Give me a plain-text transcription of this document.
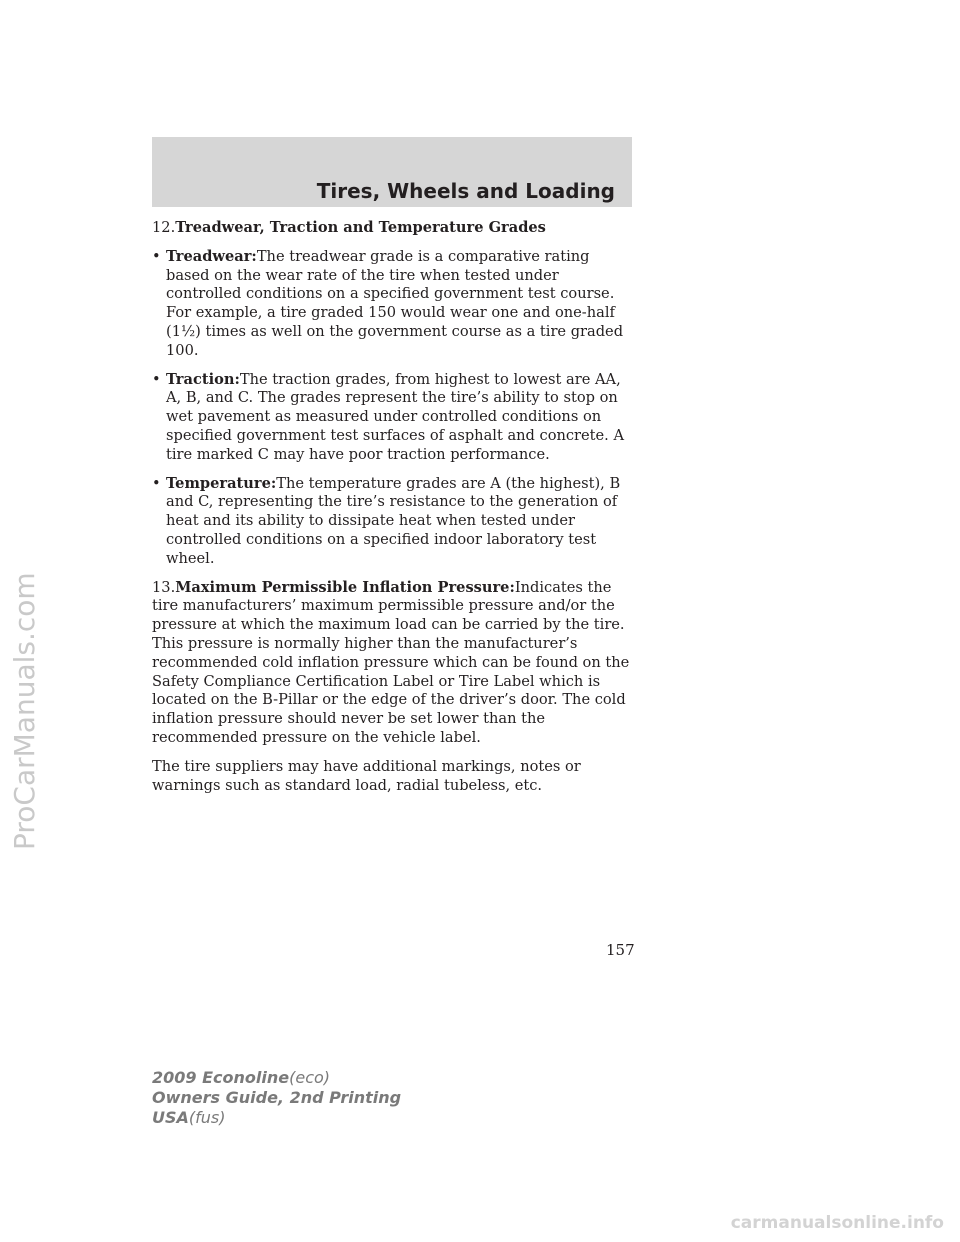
Tires, Wheels and Loading

12.Treadwear, Traction and Temperature Grades

• Treadwear:The treadwear grade is a comparative rating based on the wear rate of the tire when tested under controlled conditions on a specified government test course. For example, a tire graded 150 would wear one and one-half (1½) times as well on the government course as a tire graded 100.
• Traction:The traction grades, from highest to lowest are AA, A, B, and C. The grades represent the tire’s ability to stop on wet pavement as measured under controlled conditions on specified government test surfaces of asphalt and concrete. A tire marked C may have poor traction performance.
• Temperature:The temperature grades are A (the highest), B and C, representing the tire’s resistance to the generation of heat and its ability to dissipate heat when tested under controlled conditions on a specified indoor laboratory test wheel.

13.Maximum Permissible Inflation Pressure:Indicates the tire manufacturers’ maximum permissible pressure and/or the pressure at which the maximum load can be carried by the tire. This pressure is normally higher than the manufacturer’s recommended cold inflation pressure which can be found on the Safety Compliance Certification Label or Tire Label which is located on the B-Pillar or the edge of the driver’s door. The cold inflation pressure should never be set lower than the recommended pressure on the vehicle label.

The tire suppliers may have additional markings, notes or warnings such as standard load, radial tubeless, etc.

157
2009 Econoline(eco)
Owners Guide, 2nd Printing
USA(fus)
ProCarManuals.com
carmanualsonline.info
